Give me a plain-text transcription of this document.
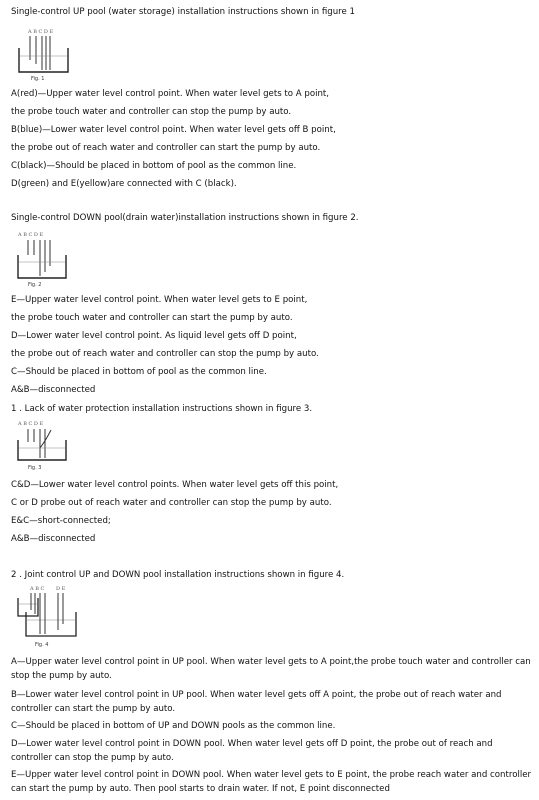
Single-control UP pool (water storage) installation instructions shown in figure 1
A B C D E
Fig. 1
A(red)—Upper water level control point. When water level gets to A point,
the probe touch water and controller can stop the pump by auto.
B(blue)—Lower water level control point. When water level gets off B point,
the probe out of reach water and controller can start the pump by auto.
C(black)—Should be placed in bottom of pool as the common line.
D(green) and E(yellow)are connected with C (black).
Single-control DOWN pool(drain water)installation instructions shown in figure 2.
A B C D E
Fig. 2
E—Upper water level control point. When water level gets to E point,
the probe touch water and controller can start the pump by auto.
D—Lower water level control point. As liquid level gets off D point,
the probe out of reach water and controller can stop the pump by auto.
C—Should be placed in bottom of pool as the common line.
A&B—disconnected
1 . Lack of water protection installation instructions shown in figure 3.
A B C D E
Fig. 3
C&D—Lower water level control points. When water level gets off this point,
C or D probe out of reach water and controller can stop the pump by auto.
E&C—short-connected;
A&B—disconnected
2 . Joint control UP and DOWN pool installation instructions shown in figure 4.
A B C D E
Fig. 4
A—Upper water level control point in UP pool. When water level gets to A point,the probe touch water and controller can stop the pump by auto.
B—Lower water level control point in UP pool. When water level gets off A point, the probe out of reach water and controller can start the pump by auto.
C—Should be placed in bottom of UP and DOWN pools as the common line.
D—Lower water level control point in DOWN pool. When water level gets off D point, the probe out of reach and controller can stop the pump by auto.
E—Upper water level control point in DOWN pool. When water level gets to E point, the probe reach water and controller can start the pump by auto. Then pool starts to drain water. If not, E point disconnected
